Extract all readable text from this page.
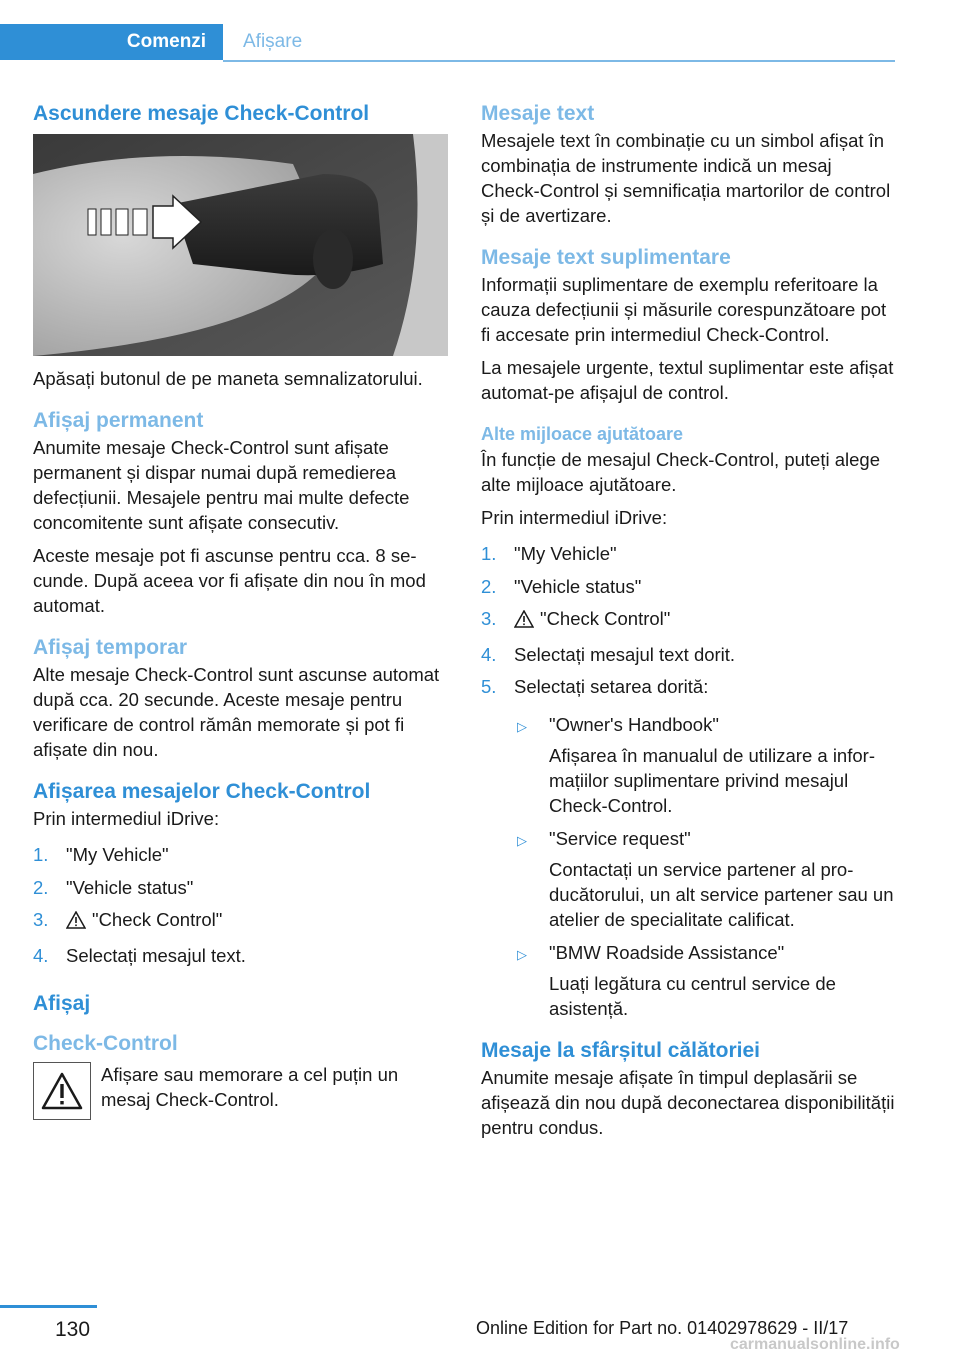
Comenzi Afișare
Ascundere mesaje Check-Control

Apăsați butonul de pe maneta semnalizatorului.

Afișaj permanent

Anumite mesaje Check-Control sunt afișate permanent și dispar numai după remedierea defecțiunii. Mesajele pentru mai multe defecte concomitente sunt afișate consecutiv.

Aceste mesaje pot fi ascunse pentru cca. 8 secunde. După aceea vor fi afișate din nou în mod automat.

Afișaj temporar

Alte mesaje Check-Control sunt ascunse automat după cca. 20 secunde. Aceste mesaje pentru verificare de control rămân memorate și pot fi afișate din nou.

Afișarea mesajelor Check-Control

Prin intermediul iDrive:

1. "My Vehicle"
2. "Vehicle status"
3. "Check Control"
4. Selectați mesajul text.
Afișaj
Check-Control

Afișare sau memorare a cel puțin un mesaj Check-Control.

Mesaje text

Mesajele text în combinație cu un simbol afișat în combinația de instrumente indică un mesaj Check-Control și semnificația martorilor de control și de avertizare.

Mesaje text suplimentare

Informații suplimentare de exemplu referitoare la cauza defecțiunii și măsurile corespunzătoare pot fi accesate prin intermediul Check-Control.

La mesajele urgente, textul suplimentar este afișat automat-pe afișajul de control.

Alte mijloace ajutătoare

În funcție de mesajul Check-Control, puteți alege alte mijloace ajutătoare.

Prin intermediul iDrive:

1. "My Vehicle"
2. "Vehicle status"
3. "Check Control"
4. Selectați mesajul text dorit.
5. Selectați setarea dorită:
▷ "Owner's Handbook"
Afișarea în manualul de utilizare a informațiilor suplimentare privind mesajul Check-Control.
▷ "Service request"
Contactați un service partener al producătorului, un alt service partener sau un atelier de specialitate calificat.
▷ "BMW Roadside Assistance"
Luați legătura cu centrul service de asistență.
Mesaje la sfârșitul călătoriei

Anumite mesaje afișate în timpul deplasării se afișează din nou după deconectarea disponibilității pentru condus.

130	Online Edition for Part no. 01402978629 - II/17
carmanualsonline.info
